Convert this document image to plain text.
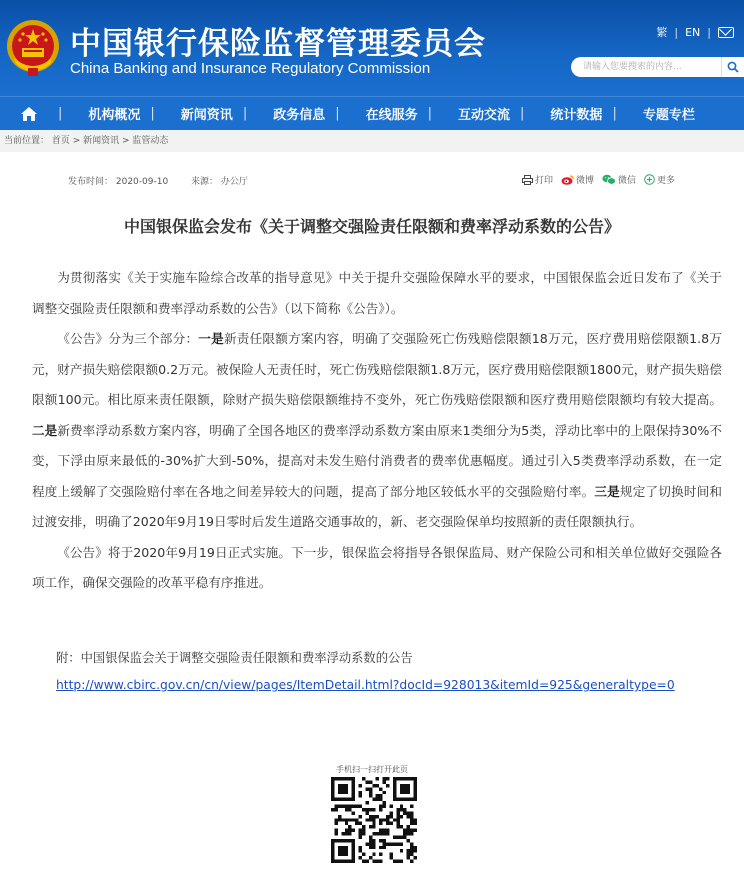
中国银行保险监督管理委员会
China Banking and Insurance Regulatory Commission
繁 | EN |
请输入您要搜索的内容...
| 机构概况 | 新闻资讯 | 政务信息 | 在线服务 | 互动交流 | 统计数据 | 专题专栏
当前位置： 首页 > 新闻资讯 > 监管动态
发布时间： 2020-09-10	来源： 办公厅	打印	微博	微信 更多
中国银保监会发布《关于调整交强险责任限额和费率浮动系数的公告》

为贯彻落实《关于实施车险综合改革的指导意见》中关于提升交强险保障水平的要求，中国银保监会近日发布了《关于调整交强险责任限额和费率浮动系数的公告》（以下简称《公告》）。

《公告》分为三个部分：一是新责任限额方案内容，明确了交强险死亡伤残赔偿限额18万元，医疗费用赔偿限额1.8万元，财产损失赔偿限额0.2万元。被保险人无责任时，死亡伤残赔偿限额1.8万元，医疗费用赔偿限额1800元，财产损失赔偿限额100元。相比原来责任限额，除财产损失赔偿限额维持不变外，死亡伤残赔偿限额和医疗费用赔偿限额均有较大提高。二是新费率浮动系数方案内容，明确了全国各地区的费率浮动系数方案由原来1类细分为5类，浮动比率中的上限保持30%不变，下浮由原来最低的-30%扩大到-50%，提高对未发生赔付消费者的费率优惠幅度。通过引入5类费率浮动系数，在一定程度上缓解了交强险赔付率在各地之间差异较大的问题，提高了部分地区较低水平的交强险赔付率。三是规定了切换时间和过渡安排，明确了2020年9月19日零时后发生道路交通事故的，新、老交强险保单均按照新的责任限额执行。

《公告》将于2020年9月19日正式实施。下一步，银保监会将指导各银保监局、财产保险公司和相关单位做好交强险各项工作，确保交强险的改革平稳有序推进。

附：中国银保监会关于调整交强险责任限额和费率浮动系数的公告
http://www.cbirc.gov.cn/cn/view/pages/ItemDetail.html?docId=928013&itemId=925&generaltype=0
手机扫一扫打开此页
